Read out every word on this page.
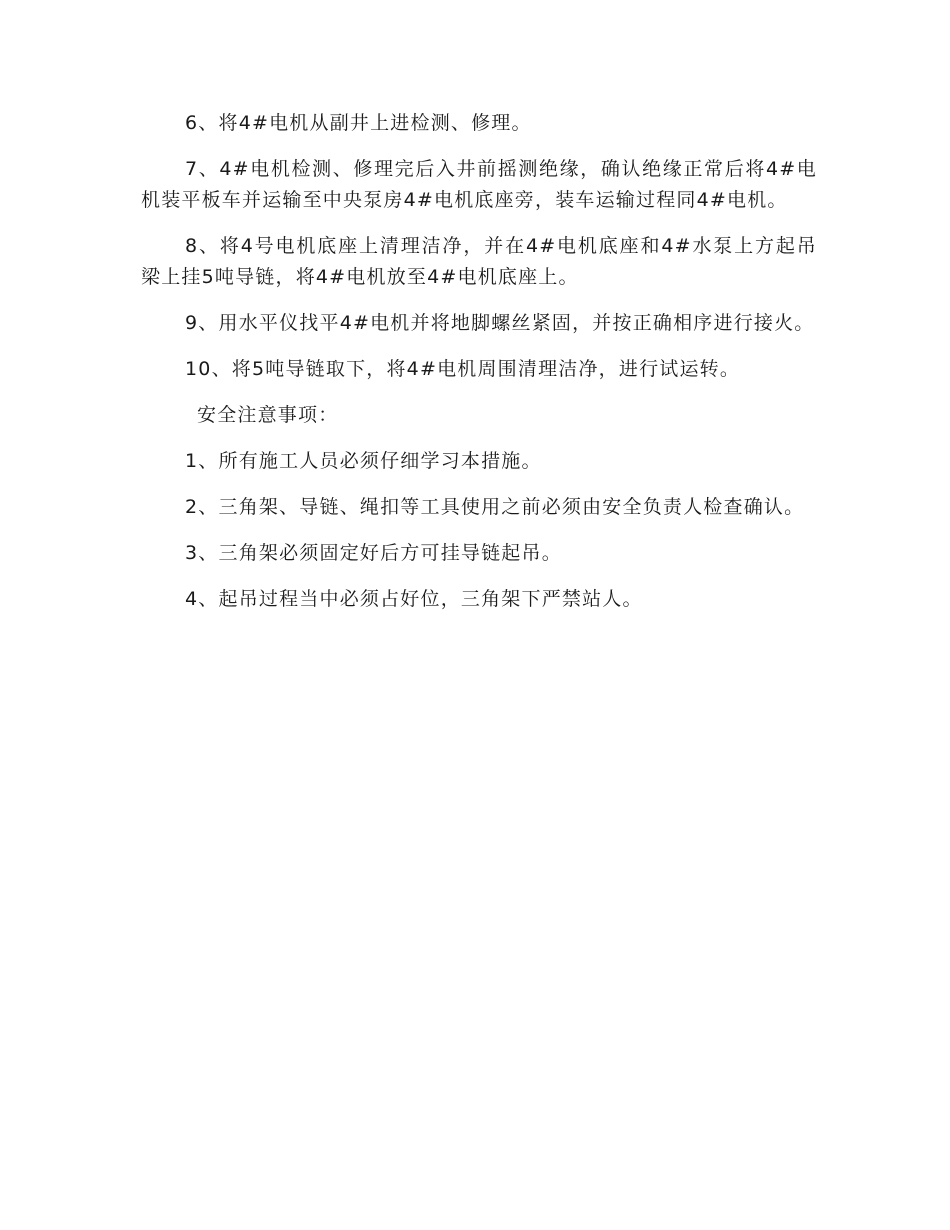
6、将4#电机从副井上进检测、修理。

7、4#电机检测、修理完后入井前摇测绝缘，确认绝缘正常后将4#电机装平板车并运输至中央泵房4#电机底座旁，装车运输过程同4#电机。

8、将4号电机底座上清理洁净，并在4#电机底座和4#水泵上方起吊梁上挂5吨导链，将4#电机放至4#电机底座上。

9、用水平仪找平4#电机并将地脚螺丝紧固，并按正确相序进行接火。

10、将5吨导链取下，将4#电机周围清理洁净，进行试运转。

安全注意事项：

1、所有施工人员必须仔细学习本措施。

2、三角架、导链、绳扣等工具使用之前必须由安全负责人检查确认。

3、三角架必须固定好后方可挂导链起吊。

4、起吊过程当中必须占好位，三角架下严禁站人。
